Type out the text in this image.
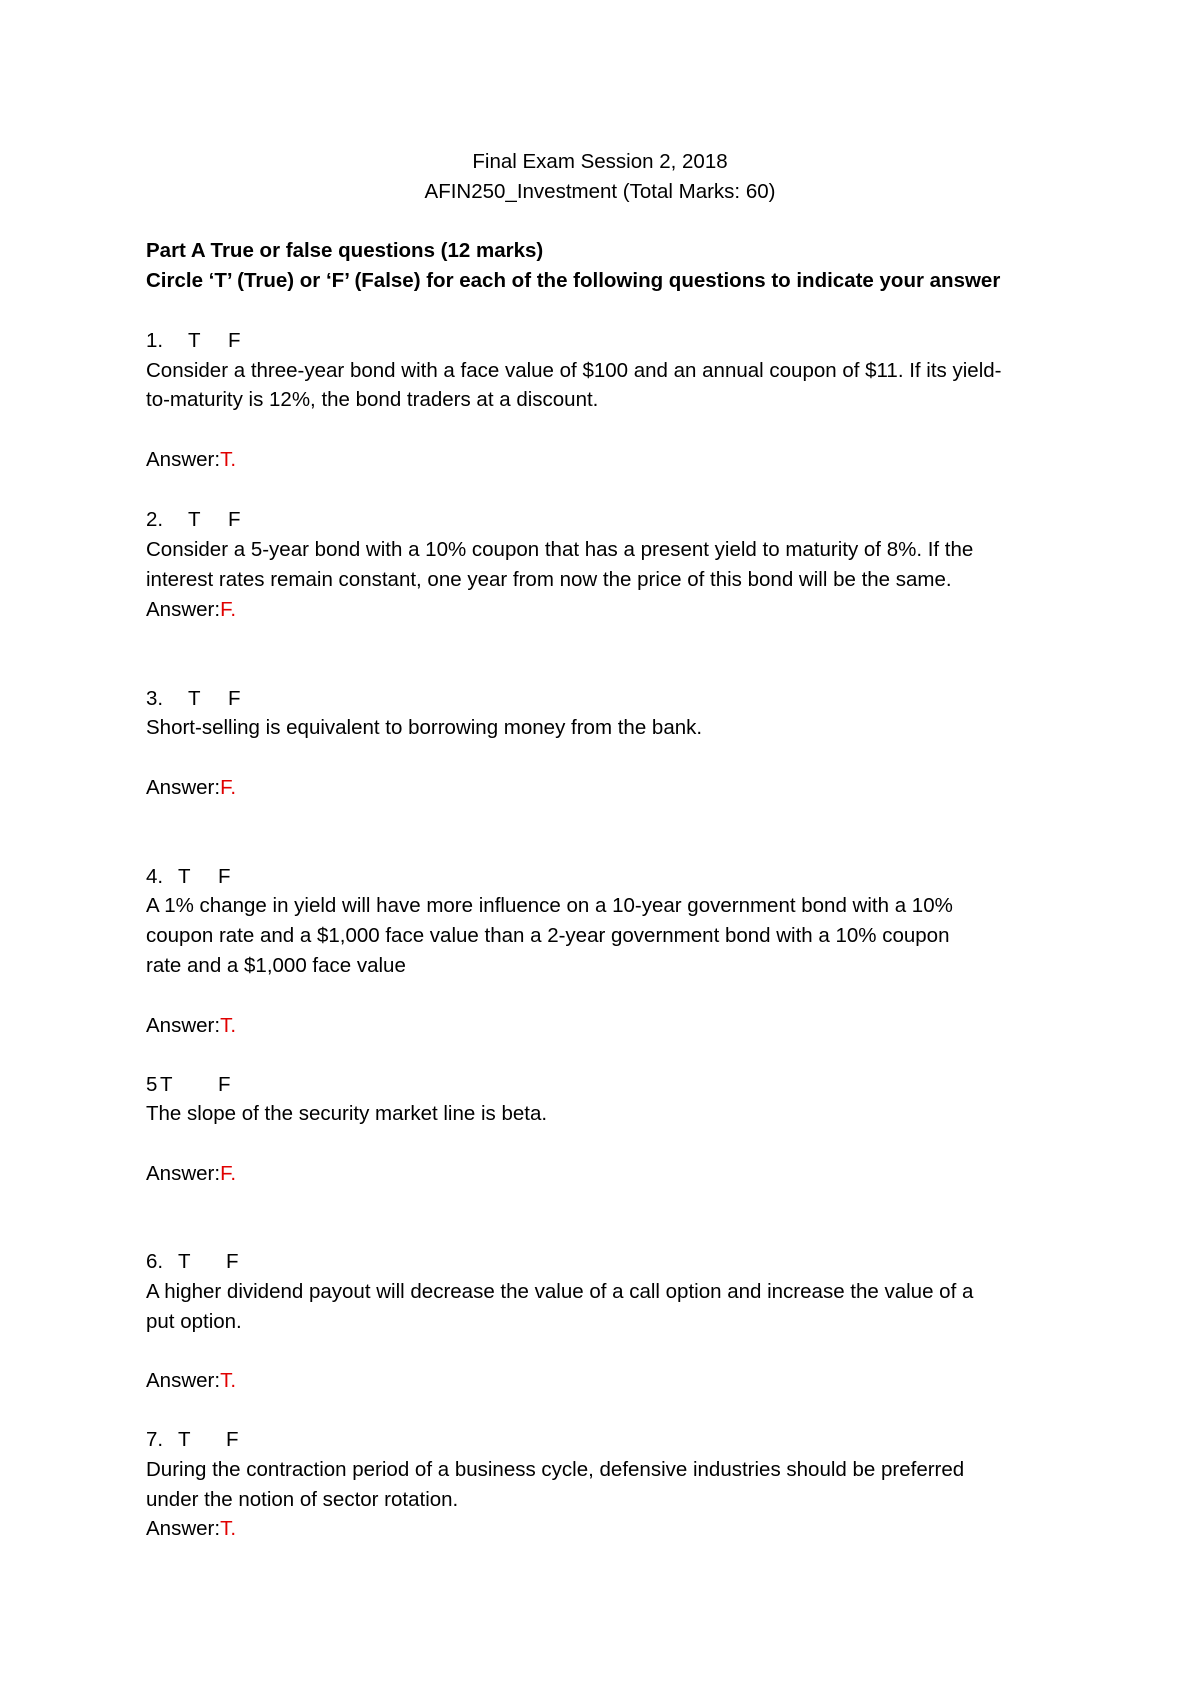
Final Exam Session 2, 2018
AFIN250_Investment (Total Marks: 60)
Part A True or false questions (12 marks)
Circle ‘T’ (True) or ‘F’ (False) for each of the following questions to indicate your answer
1. T F
Consider a three-year bond with a face value of $100 and an annual coupon of $11. If its yield-
to-maturity is 12%, the bond traders at a discount.
Answer:T.
2. T F
Consider a 5-year bond with a 10% coupon that has a present yield to maturity of 8%. If the
interest rates remain constant, one year from now the price of this bond will be the same.
Answer:F.
3. T F
Short-selling is equivalent to borrowing money from the bank.
Answer:F.
4. T F
A 1% change in yield will have more influence on a 10-year government bond with a 10%
coupon rate and a $1,000 face value than a 2-year government bond with a 10% coupon
rate and a $1,000 face value
Answer:T.
5 T F
The slope of the security market line is beta.
Answer:F.
6. T F
A higher dividend payout will decrease the value of a call option and increase the value of a
put option.
Answer:T.
7. T F
During the contraction period of a business cycle, defensive industries should be preferred
under the notion of sector rotation.
Answer:T.
